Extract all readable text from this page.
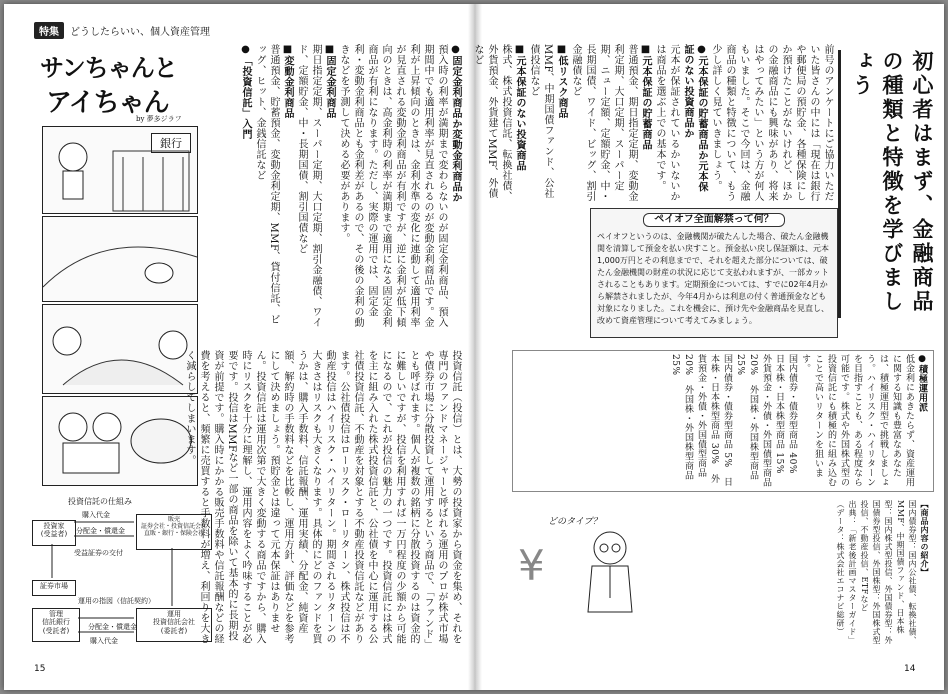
特集	どうしたらいい、個人資産管理
サンちゃんと
アイちゃん
by 夢多ジラフ
銀行
投資信託の仕組み
投資家
(受益者)
販売
証券会社・投資信託会社
直販・銀行・保険会社
証券市場
管理
信託銀行
(受託者)
運用
投資信託会社
(委託者)
購入代金
分配金・償還金
受益証券の交付
運用の指図（信託契約）
分配金・償還金
購入代金
●固定金利商品か変動金利商品か
預入時の利率が満期まで変わらないのが固定金利商品、預入期間中でも適用利率が見直されるのが変動金利商品です。金利が上昇傾向のときは、金利水準の変化に連動して適用利率が見直される変動金利商品が有利ですが、逆に金利が低下傾向のときは、高金利時の利率が満期まで適用になる固定金利商品が有利になります。ただし、実際の運用では、固定金利・変動金利商品とも金利差があるので、その後の金利の動きなどを予測して決める必要があります。
■固定金利商品
期日指定定期、スーパー定期、大口定期、割引金融債、ワイド、定額貯金、中・長期国債、割引国債など
■変動金利商品
普通預金、貯蓄預金、変動金利定期、MMF、貸付信託、ビッグ、ヒット、金銭信託など
●「投資信託」入門
投資信託（投信）とは、大勢の投資家から資金を集め、それを専門のファンドマネージャーと呼ばれる運用のプロが株式市場や債券市場に分散投資して運用するという商品で、「ファンド」とも呼ばれます。個人が複数の銘柄に分散投資するのは資金的に難しいですが、投信を利用すれば一万円程度の少額から可能になるので、これが投信の魅力の一つです。投資信託には株式を主に組み入れた株式投資信託と、公社債を中心に運用する公社債投資信託、不動産を対象とする不動産投資信託などがあります。公社債投信はローリスク・ローリターン、株式投信は不動産投信はハイリスク・ハイリターン。期間されるリターンの大きさはリスクも大きくなります。具体的にどのファンドを買うかは、購入手数料、信託報酬、運用実績、分配金、純資産額、解約時の手数料などを比較し、運用方針、評価などを参考にして決めましょう。預貯金とは違って元本保証はありません。投資信託は運用次第で大きく変動する商品ですから、購入時にリスクを十分に理解し、運用内容をよく吟味することが必要です。投信はMMFなど一部の商品を除いて基本的に長期投資が前提です。購入時にかかる販売手数料や信託報酬などの経費を考えると、頻繁に売買すると手数料が増え、利回りを大きく減らしてしまいます。
15
初心者はまず、金融商品の種類と特徴を学びましょう
前号のアンケートにご協力いただいた皆さんの中には「現在は銀行や郵便局の預貯金、各種保険にしか預けたことがないけれど、ほかの金融商品にも興味があり、将来はやってみたい」という方が何人もいました。そこで今回は、金融商品の種類と特徴について、もう少し詳しく見ていきましょう。
●元本保証の貯蓄商品か元本保証のない投資商品か
元本が保証されているかいないかは商品を選ぶ上での基本です。
■元本保証の貯蓄商品
普通預金、期日指定定期、変動金利定期、大口定期、スーパー定期、ニュー定額、定額貯金、中・長期国債、ワイド、ビッグ、割引金融債など
■低リスク商品
MMF、中期国債ファンド、公社債投信など
■元本保証のない投資商品
株式、株式投資信託、転換社債、外貨預金、外貨建てMMF、外債など
ペイオフ全面解禁って何？
ペイオフというのは、金融機関が破たんした場合、破たん金融機関を清算して預金を払い戻すこと。預金払い戻し保証額は、元本1,000万円とその利息までで、それを超えた部分については、破たん金融機関の財産の状況に応じて支払われますが、一部カットされることもあります。定期預金については、すでに02年4月から解禁されましたが、今年4月からは利息の付く普通預金なども対象になりました。これを機会に、預け先や金融商品を見直し、改めて資産管理について考えてみましょう。
●積極運用派
低金利にあきたらず、資産運用に関する知識も豊富なあなたは、積極運用型で挑戦しましょう。ハイリスク・ハイリターンを目指すことも、ある程度なら可能です。株式や外国株式型の投資信託にも積極的に組み込むことで高いリターンを狙います。
国内債券・債券型商品 40%　日本株・日本株型商品 15%　外貨預金・外債・外国債型商品 20%　外国株・外国株型商品 25%
国内債券・債券型商品 5%　日本株・日本株型商品 30%　外貨預金・外債・外国債型商品 20%　外国株・外国株型商品 25%
【商品内容の紹介】
国内債券型：国内公社債、転換社債、MMF、中期国債ファンド、日本株型：国内株式型投信、外国債券型：外国債券型投信、外国株型：外国株式型投信、不動産投信、ETFなど
出典：「新老後計画マスターガイド」（データ：株式会社エコナビ総研）
どのタイプ？
¥
14
